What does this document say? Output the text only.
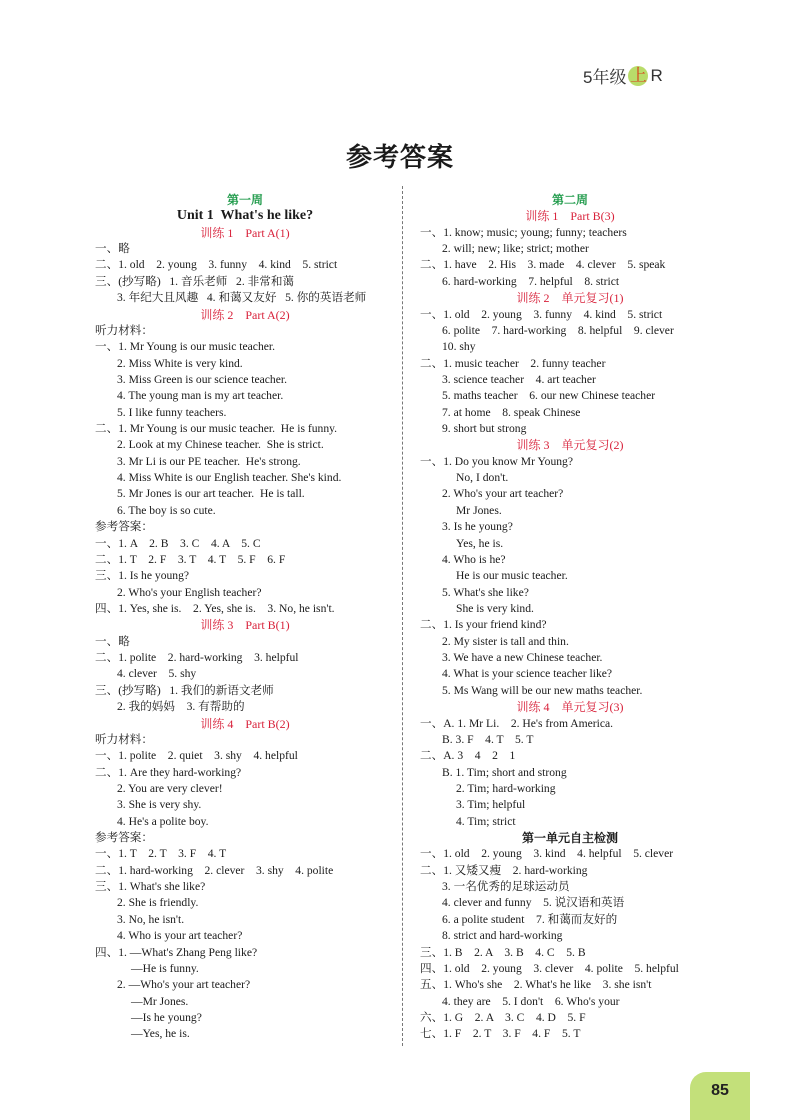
5年级 上 R
参考答案
第一周
Unit 1  What's he like?
训练 1    Part A(1)
一、略
二、1. old    2. young    3. funny    4. kind    5. strict
三、(抄写略)   1. 音乐老师   2. 非常和蔼
3. 年纪大且风趣   4. 和蔼又友好   5. 你的英语老师
训练 2    Part A(2)
听力材料：
一、1. Mr Young is our music teacher.
2. Miss White is very kind.
3. Miss Green is our science teacher.
4. The young man is my art teacher.
5. I like funny teachers.
二、1. Mr Young is our music teacher.  He is funny.
2. Look at my Chinese teacher.  She is strict.
3. Mr Li is our PE teacher.  He's strong.
4. Miss White is our English teacher. She's kind.
5. Mr Jones is our art teacher.  He is tall.
6. The boy is so cute.
参考答案：
一、1. A    2. B    3. C    4. A    5. C
二、1. T    2. F    3. T    4. T    5. F    6. F
三、1. Is he young?
2. Who's your English teacher?
四、1. Yes, she is.    2. Yes, she is.    3. No, he isn't.
训练 3    Part B(1)
一、略
二、1. polite    2. hard-working    3. helpful
4. clever    5. shy
三、(抄写略)   1. 我们的新语文老师
2. 我的妈妈    3. 有帮助的
训练 4    Part B(2)
听力材料：
一、1. polite    2. quiet    3. shy    4. helpful
二、1. Are they hard-working?
2. You are very clever!
3. She is very shy.
4. He's a polite boy.
参考答案：
一、1. T    2. T    3. F    4. T
二、1. hard-working    2. clever    3. shy    4. polite
三、1. What's she like?
2. She is friendly.
3. No, he isn't.
4. Who is your art teacher?
四、1. —What's Zhang Peng like?
—He is funny.
2. —Who's your art teacher?
—Mr Jones.
—Is he young?
—Yes, he is.
第二周
训练 1    Part B(3)
一、1. know; music; young; funny; teachers
2. will; new; like; strict; mother
二、1. have    2. His    3. made    4. clever    5. speak
6. hard-working    7. helpful    8. strict
训练 2    单元复习(1)
一、1. old    2. young    3. funny    4. kind    5. strict
6. polite    7. hard-working    8. helpful    9. clever
10. shy
二、1. music teacher    2. funny teacher
3. science teacher    4. art teacher
5. maths teacher    6. our new Chinese teacher
7. at home    8. speak Chinese
9. short but strong
训练 3    单元复习(2)
一、1. Do you know Mr Young?
No, I don't.
2. Who's your art teacher?
Mr Jones.
3. Is he young?
Yes, he is.
4. Who is he?
He is our music teacher.
5. What's she like?
She is very kind.
二、1. Is your friend kind?
2. My sister is tall and thin.
3. We have a new Chinese teacher.
4. What is your science teacher like?
5. Ms Wang will be our new maths teacher.
训练 4    单元复习(3)
一、A. 1. Mr Li.    2. He's from America.
B. 3. F    4. T    5. T
二、A. 3    4    2    1
B. 1. Tim; short and strong
2. Tim; hard-working
3. Tim; helpful
4. Tim; strict
第一单元自主检测
一、1. old    2. young    3. kind    4. helpful    5. clever
二、1. 又矮又瘦    2. hard-working
3. 一名优秀的足球运动员
4. clever and funny    5. 说汉语和英语
6. a polite student    7. 和蔼而友好的
8. strict and hard-working
三、1. B    2. A    3. B    4. C    5. B
四、1. old    2. young    3. clever    4. polite    5. helpful
五、1. Who's she    2. What's he like    3. she isn't
4. they are    5. I don't    6. Who's your
六、1. G    2. A    3. C    4. D    5. F
七、1. F    2. T    3. F    4. F    5. T
85
